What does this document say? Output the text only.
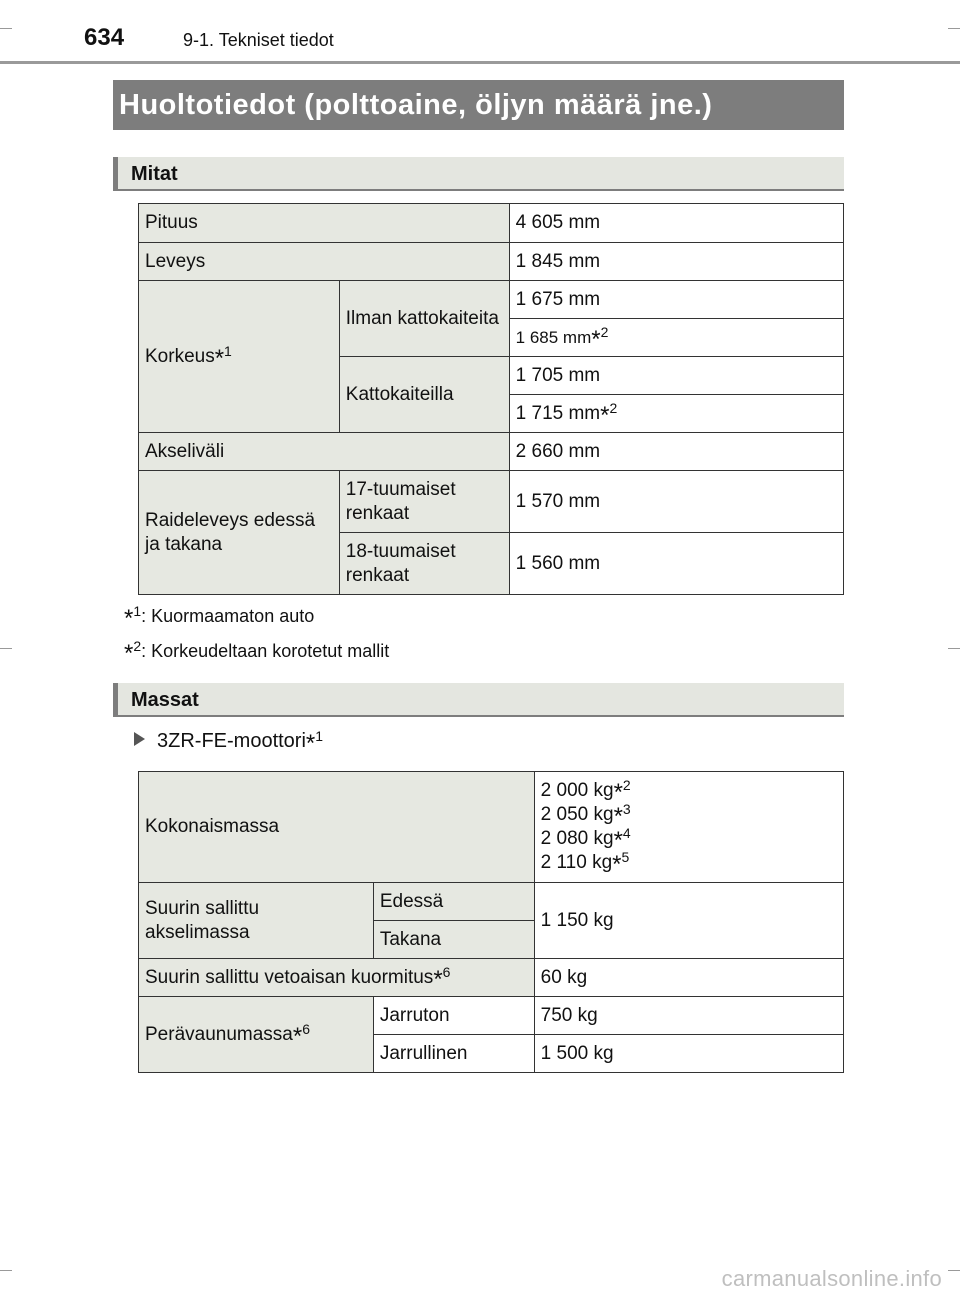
634	9-1. Tekniset tiedot
Huoltotiedot (polttoaine, öljyn määrä jne.)
Mitat
Pituus		4 605 mm
Leveys		1 845 mm
Korkeus*$^1$	Ilman kattokaiteita	1 675 mm
		1 685 mm*$^2$
	Kattokaiteilla	1 705 mm
		1 715 mm*$^2$
Akseliväli		2 660 mm
Raideleveys edessä ja takana	17-tuumaiset renkaat	1 570 mm
	18-tuumaiset renkaat	1 560 mm
*$^1$: Kuormaamaton auto
*$^2$: Korkeudeltaan korotetut mallit
Massat
3ZR-FE-moottori*$^1$
Kokonaismassa		2 000 kg*$^2$
2 050 kg*$^3$
2 080 kg*$^4$
2 110 kg*$^5$

Suurin sallittu akselimassa	Edessä	1 150 kg
	Takana	
Suurin sallittu vetoaisan kuormitus*$^6$		60 kg
Perävaunumassa*$^6$	Jarruton	750 kg
	Jarrullinen	1 500 kg
carmanualsonline.info
